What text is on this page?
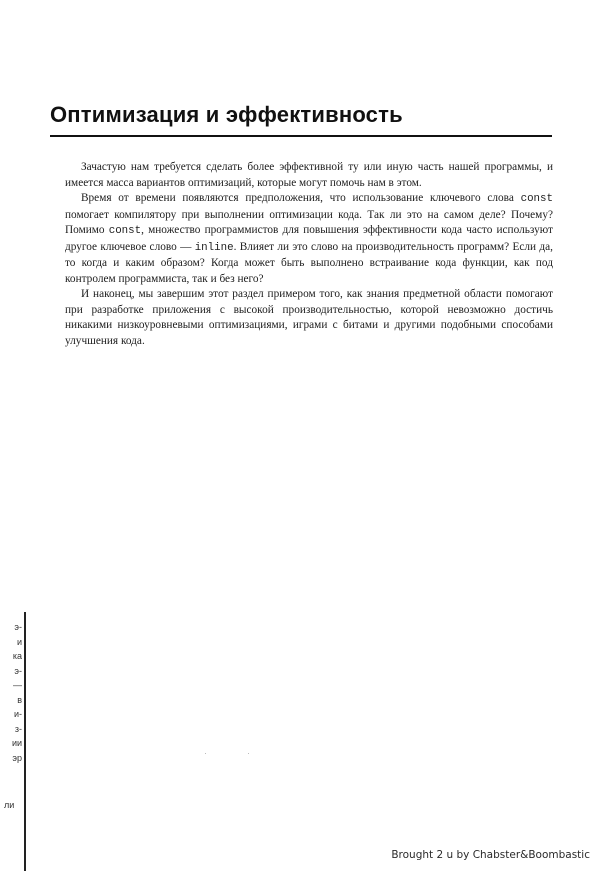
Оптимизация и эффективность

Зачастую нам требуется сделать более эффективной ту или иную часть нашей программы, и имеется масса вариантов оптимизаций, которые могут помочь нам в этом.

Время от времени появляются предположения, что использование ключевого слова const помогает компилятору при выполнении оптимизации кода. Так ли это на самом деле? Почему? Помимо const, множество программистов для повышения эффективности кода часто используют другое ключевое слово — inline. Влияет ли это слово на производительность программ? Если да, то когда и каким образом? Когда может быть выполнено встраивание кода функции, как под контролем программиста, так и без него?

И наконец, мы завершим этот раздел примером того, как знания предметной области помогают при разработке приложения с высокой производительностью, которой невозможно достичь никакими низкоуровневыми оптимизациями, играми с битами и другими подобными способами улучшения кода.

э-
и
ка
э-
—
в
и-
з-
ии
эр
ли
Brought 2 u by Chabster&Boombastic
